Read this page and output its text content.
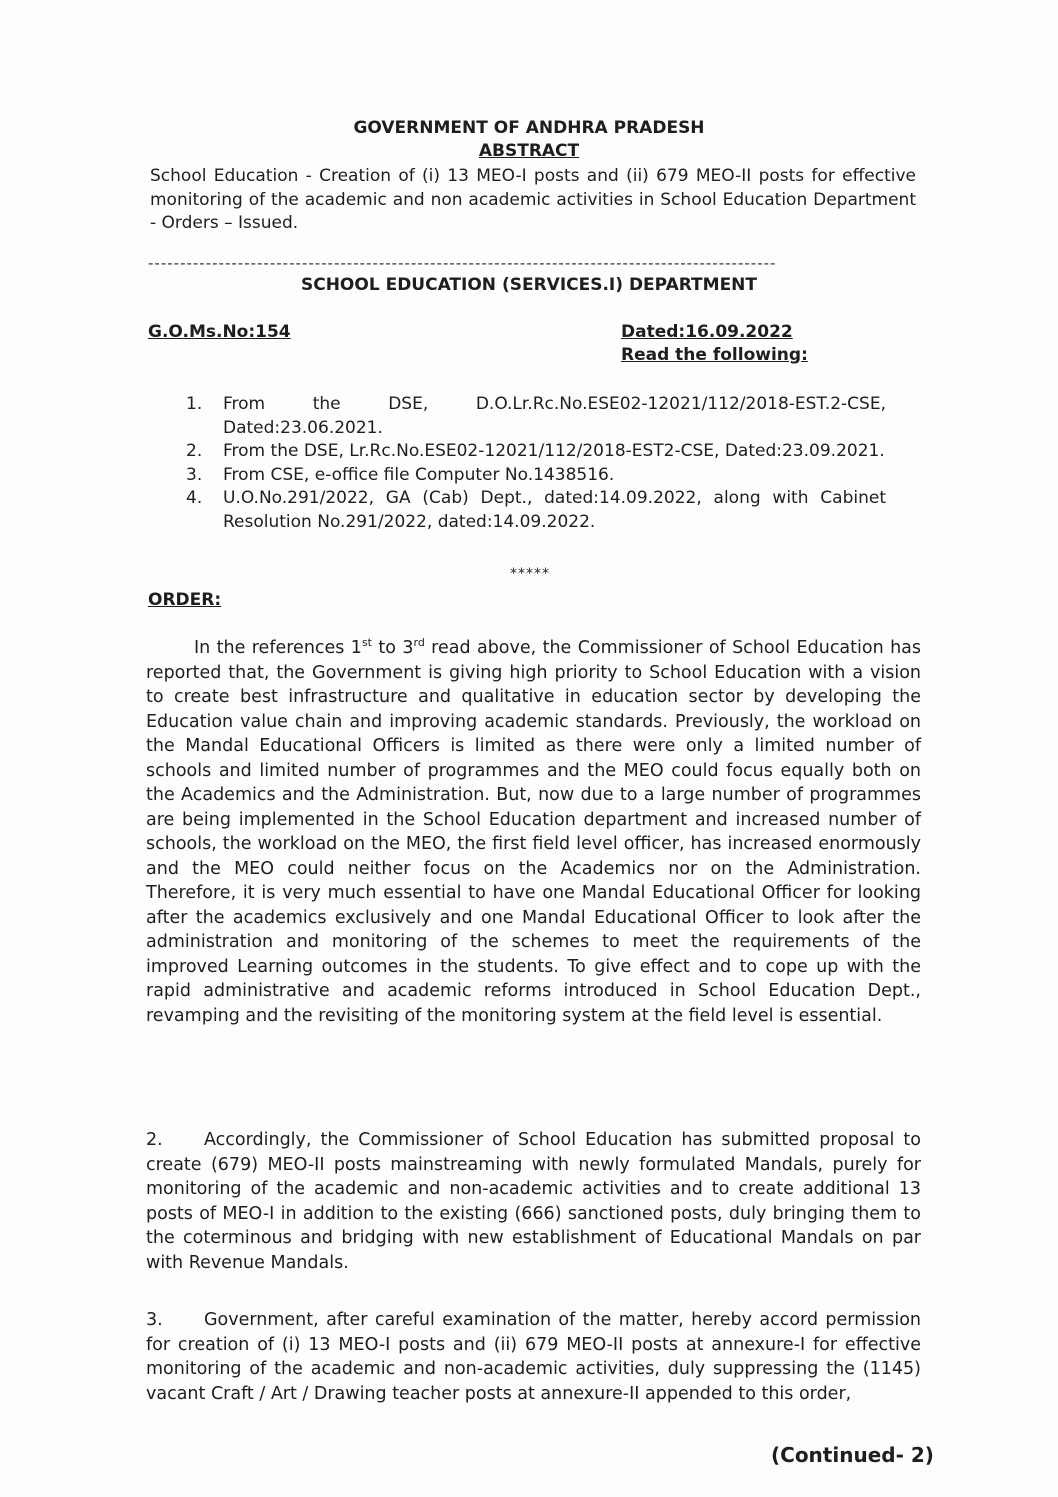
GOVERNMENT OF ANDHRA PRADESH
ABSTRACT
School Education - Creation of (i) 13 MEO-I posts and (ii) 679 MEO-II posts for effective monitoring of the academic and non academic activities in School Education Department - Orders – Issued.
--------------------------------------------------------------------------------------------------
SCHOOL EDUCATION (SERVICES.I) DEPARTMENT
G.O.Ms.No:154	Dated:16.09.2022
Read the following:
1. From the DSE, D.O.Lr.Rc.No.ESE02-12021/112/2018-EST.2-CSE, Dated:23.06.2021.
2. From the DSE, Lr.Rc.No.ESE02-12021/112/2018-EST2-CSE, Dated:23.09.2021.
3. From CSE, e-office file Computer No.1438516.
4. U.O.No.291/2022, GA (Cab) Dept., dated:14.09.2022, along with Cabinet Resolution No.291/2022, dated:14.09.2022.
*****
ORDER:

In the references 1st to 3rd read above, the Commissioner of School Education has reported that, the Government is giving high priority to School Education with a vision to create best infrastructure and qualitative in education sector by developing the Education value chain and improving academic standards. Previously, the workload on the Mandal Educational Officers is limited as there were only a limited number of schools and limited number of programmes and the MEO could focus equally both on the Academics and the Administration. But, now due to a large number of programmes are being implemented in the School Education department and increased number of schools, the workload on the MEO, the first field level officer, has increased enormously and the MEO could neither focus on the Academics nor on the Administration. Therefore, it is very much essential to have one Mandal Educational Officer for looking after the academics exclusively and one Mandal Educational Officer to look after the administration and monitoring of the schemes to meet the requirements of the improved Learning outcomes in the students. To give effect and to cope up with the rapid administrative and academic reforms introduced in School Education Dept., revamping and the revisiting of the monitoring system at the field level is essential.

2. Accordingly, the Commissioner of School Education has submitted proposal to create (679) MEO-II posts mainstreaming with newly formulated Mandals, purely for monitoring of the academic and non-academic activities and to create additional 13 posts of MEO-I in addition to the existing (666) sanctioned posts, duly bringing them to the coterminous and bridging with new establishment of Educational Mandals on par with Revenue Mandals.

3. Government, after careful examination of the matter, hereby accord permission for creation of (i) 13 MEO-I posts and (ii) 679 MEO-II posts at annexure-I for effective monitoring of the academic and non-academic activities, duly suppressing the (1145) vacant Craft / Art / Drawing teacher posts at annexure-II appended to this order,

(Continued- 2)
